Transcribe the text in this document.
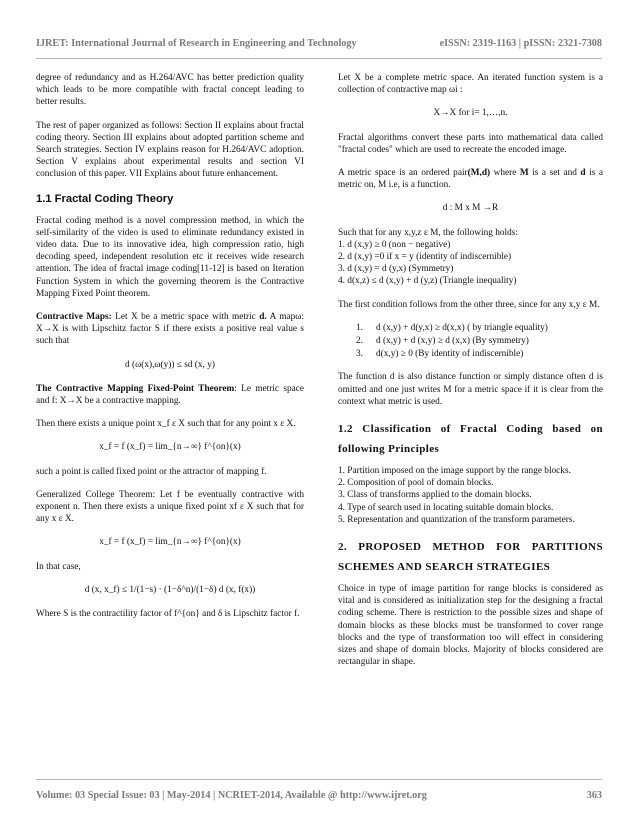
IJRET: International Journal of Research in Engineering and Technology	eISSN: 2319-1163 | pISSN: 2321-7308

degree of redundancy and as H.264/AVC has better prediction quality which leads to be more compatible with fractal concept leading to better results.

The rest of paper organized as follows: Section II explains about fractal coding theory. Section III explains about adopted partition scheme and Search strategies. Section IV explains reason for H.264/AVC adoption. Section V explains about experimental results and section VI conclusion of this paper. VII Explains about future enhancement.

1.1 Fractal Coding Theory

Fractal coding method is a novel compression method, in which the self-similarity of the video is used to eliminate redundancy existed in video data. Due to its innovative idea, high compression ratio, high decoding speed, independent resolution etc it receives wide research attention. The idea of fractal image coding[11-12] is based on Iteration Function System in which the governing theorem is the Contractive Mapping Fixed Point theorem.

Contractive Maps: Let X be a metric space with metric d. A mapω: X→X is with Lipschitz factor S if there exists a positive real value s such that

d (ω(x),ω(y)) ≤ sd (x, y)

The Contractive Mapping Fixed-Point Theorem: Le metric space and f: X→X be a contractive mapping.

Then there exists a unique point x_f ε X such that for any point x ε X.

x_f = f (x_f) = lim_{n→∞} f^{on}(x)

such a point is called fixed point or the attractor of mapping f.

Generalized College Theorem: Let f be eventually contractive with exponent n. Then there exists a unique fixed point xf ε X such that for any x ε X.

x_f = f (x_f) = lim_{n→∞} f^{on}(x)

In that case,

d (x, x_f) ≤ 1/(1−s) · (1−δ^n)/(1−δ) d (x, f(x))

Where S is the contractility factor of f^{on} and δ is Lipschitz factor f.

Let X be a complete metric space. An iterated function system is a collection of contractive map ωi :

X→X for i= 1,…,n.

Fractal algorithms convert these parts into mathematical data called "fractal codes" which are used to recreate the encoded image.

A metric space is an ordered pair(M,d) where M is a set and d is a metric on, M i.e, is a function.

d : M x M →R
Such that for any x,y,z ε M, the following holds:
1. d (x,y) ≥ 0 (non − negative)
2. d (x,y) =0 if x = y (identity of indiscernible)
3. d (x,y) = d (y,x) (Symmetry)
4. d(x,z) ≤ d (x,y) + d (y,z) (Triangle inequality)

The first condition follows from the other three, since for any x,y ε M.

1. d (x,y) + d(y,x) ≥ d(x,x) ( by triangle equality)
2. d (x,y) + d (x,y) ≥ d (x,x) (By symmetry)
3. d(x,y) ≥ 0 (By identity of indiscernible)

The function d is also distance function or simply distance often d is omitted and one just writes M for a metric space if it is clear from the context what metric is used.

1.2 Classification of Fractal Coding based on following Principles
1. Partition imposed on the image support by the range blocks.
2. Composition of pool of domain blocks.
3. Class of transforms applied to the domain blocks.
4. Type of search used in locating suitable domain blocks.
5. Representation and quantization of the transform parameters.
2. PROPOSED METHOD FOR PARTITIONS SCHEMES AND SEARCH STRATEGIES

Choice in type of image partition for range blocks is considered as vital and is considered as initialization step for the designing a fractal coding scheme. There is restriction to the possible sizes and shape of domain blocks as these blocks must be transformed to cover range blocks and the type of transformation too will effect in considering sizes and shape of domain blocks. Majority of blocks considered are rectangular in shape.

Volume: 03 Special Issue: 03 | May-2014 | NCRIET-2014, Available @ http://www.ijret.org	363
